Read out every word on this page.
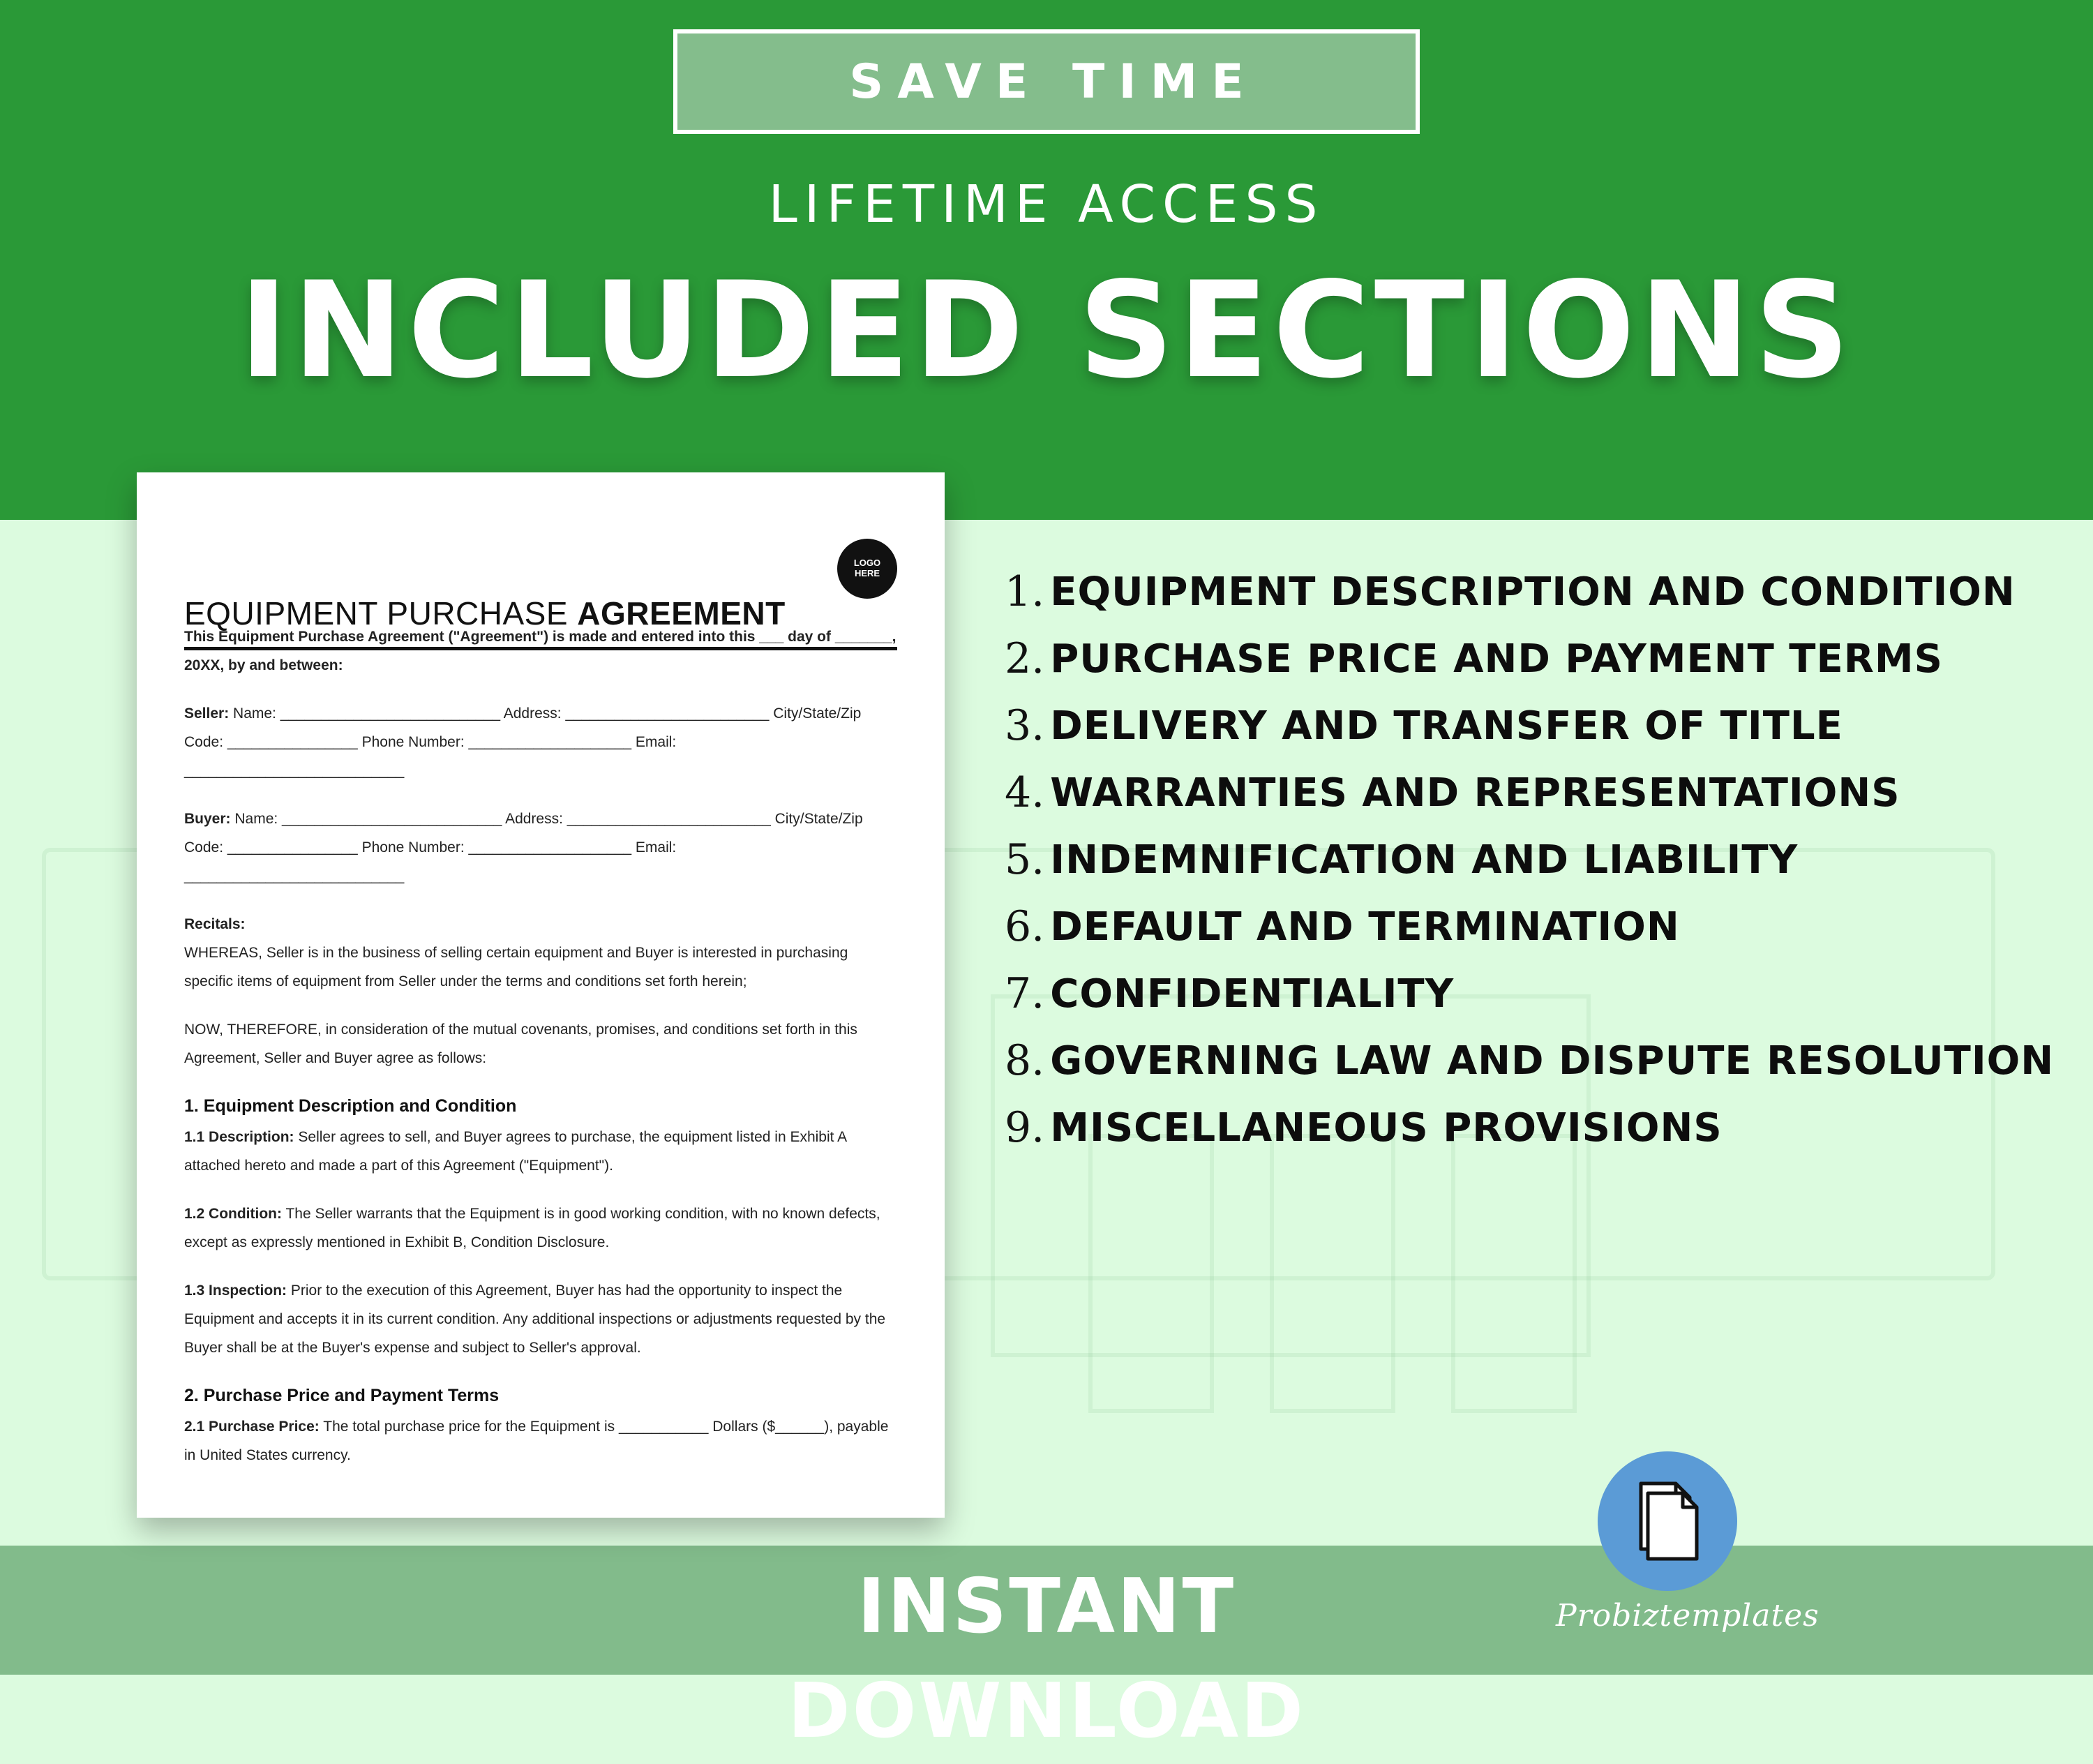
SAVE TIME
LIFETIME ACCESS
INCLUDED SECTIONS
EQUIPMENT PURCHASE AGREEMENT
LOGO
HERE

This Equipment Purchase Agreement ("Agreement") is made and entered into this ___ day of _______, 20XX, by and between:

Seller: Name: ___________________________ Address: _________________________ City/State/Zip Code: ________________ Phone Number: ____________________ Email: ___________________________

Buyer: Name: ___________________________ Address: _________________________ City/State/Zip Code: ________________ Phone Number: ____________________ Email: ___________________________

Recitals:
WHEREAS, Seller is in the business of selling certain equipment and Buyer is interested in purchasing specific items of equipment from Seller under the terms and conditions set forth herein;

NOW, THEREFORE, in consideration of the mutual covenants, promises, and conditions set forth in this Agreement, Seller and Buyer agree as follows:

1. Equipment Description and Condition

1.1 Description: Seller agrees to sell, and Buyer agrees to purchase, the equipment listed in Exhibit A attached hereto and made a part of this Agreement ("Equipment").

1.2 Condition: The Seller warrants that the Equipment is in good working condition, with no known defects, except as expressly mentioned in Exhibit B, Condition Disclosure.

1.3 Inspection: Prior to the execution of this Agreement, Buyer has had the opportunity to inspect the Equipment and accepts it in its current condition. Any additional inspections or adjustments requested by the Buyer shall be at the Buyer's expense and subject to Seller's approval.

2. Purchase Price and Payment Terms

2.1 Purchase Price: The total purchase price for the Equipment is ___________ Dollars ($______), payable in United States currency.

1. EQUIPMENT DESCRIPTION AND CONDITION
2. PURCHASE PRICE AND PAYMENT TERMS
3. DELIVERY AND TRANSFER OF TITLE
4. WARRANTIES AND REPRESENTATIONS
5. INDEMNIFICATION AND LIABILITY
6. DEFAULT AND TERMINATION
7. CONFIDENTIALITY
8. GOVERNING LAW AND DISPUTE RESOLUTION
9. MISCELLANEOUS PROVISIONS
INSTANT DOWNLOAD
Probiztemplates
